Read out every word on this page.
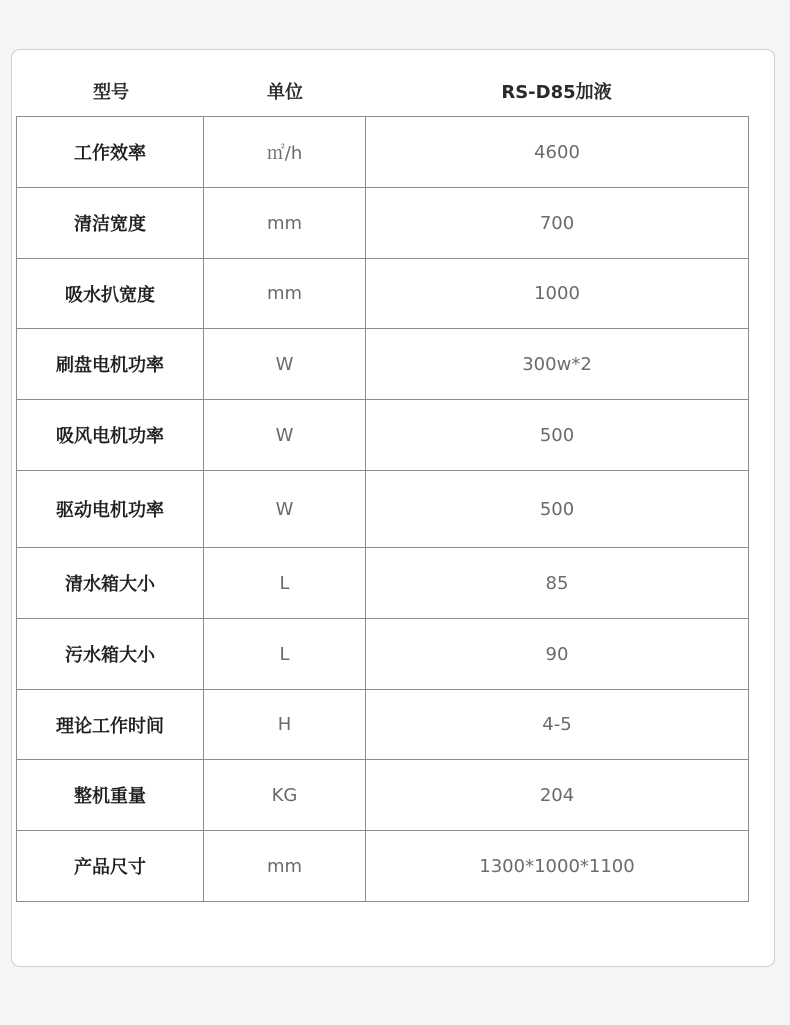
型号	单位	RS-D85加液
工作效率	㎡/h	4600
清洁宽度	mm	700
吸水扒宽度	mm	1000
刷盘电机功率	W	300w*2
吸风电机功率	W	500
驱动电机功率	W	500
清水箱大小	L	85
污水箱大小	L	90
理论工作时间	H	4-5
整机重量	KG	204
产品尺寸	mm	1300*1000*1100
